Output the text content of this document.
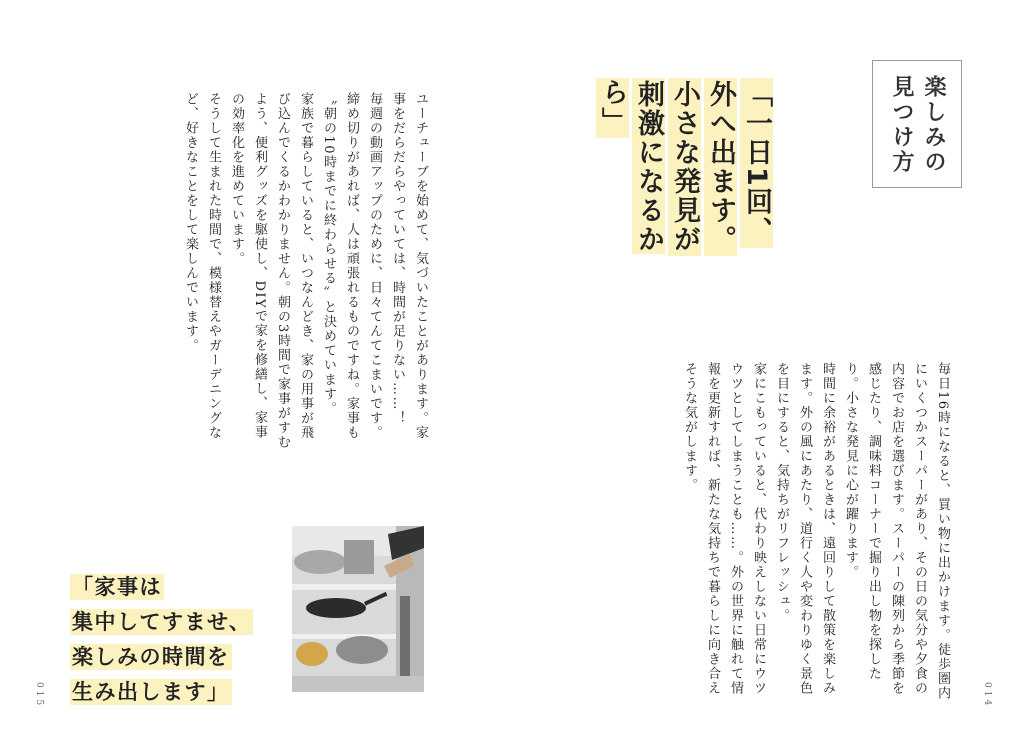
ユーチューブを始めて、気づいたことがあります。家事をだらだらやっていては、時間が足りない……！　毎週の動画アップのために、日々てんてこまいです。締め切りがあれば、人は頑張れるものですね。家事も〝朝の10時までに終わらせる〟と決めています。
家族で暮らしていると、いつなんどき、家の用事が飛び込んでくるかわかりません。朝の3時間で家事がすむよう、便利グッズを駆使し、DIYで家を修繕し、家事の効率化を進めています。
そうして生まれた時間で、模様替えやガーデニングなど、好きなことをして楽しんでいます。
「家事は
集中してすませ、
楽しみの時間を
生み出します」
015
楽しみの
見つけ方
「一日1回、
外へ出ます。
小さな発見が
刺激になるから」
毎日16時になると、買い物に出かけます。徒歩圏内にいくつかスーパーがあり、その日の気分や夕食の内容でお店を選びます。スーパーの陳列から季節を感じたり、調味料コーナーで掘り出し物を探したり。小さな発見に心が躍ります。
時間に余裕があるときは、遠回りして散策を楽しみます。外の風にあたり、道行く人や変わりゆく景色を目にすると、気持ちがリフレッシュ。
家にこもっていると、代わり映えしない日常にウツウツとしてしまうことも……。外の世界に触れて情報を更新すれば、新たな気持ちで暮らしに向き合えそうな気がします。
014
